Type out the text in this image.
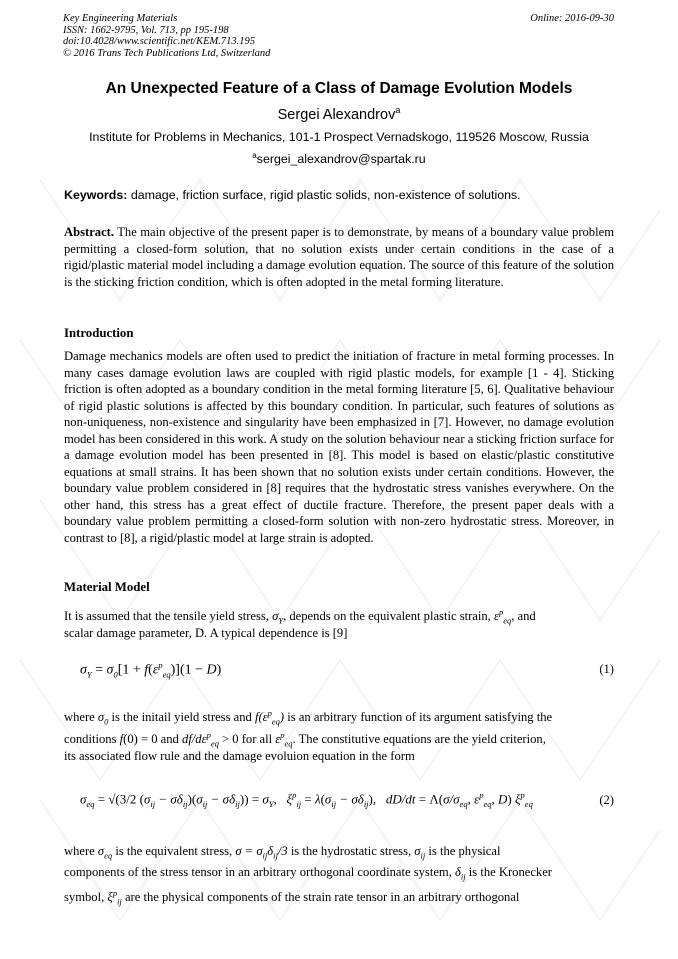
Key Engineering Materials
ISSN: 1662-9795, Vol. 713, pp 195-198
doi:10.4028/www.scientific.net/KEM.713.195
© 2016 Trans Tech Publications Ltd, Switzerland
Online: 2016-09-30
An Unexpected Feature of a Class of Damage Evolution Models
Sergei Alexandrov$^a$
Institute for Problems in Mechanics, 101-1 Prospect Vernadskogo, 119526 Moscow, Russia
$^a$sergei_alexandrov@spartak.ru
Keywords: damage, friction surface, rigid plastic solids, non-existence of solutions.
Abstract. The main objective of the present paper is to demonstrate, by means of a boundary value problem permitting a closed-form solution, that no solution exists under certain conditions in the case of a rigid/plastic material model including a damage evolution equation. The source of this feature of the solution is the sticking friction condition, which is often adopted in the metal forming literature.
Introduction
Damage mechanics models are often used to predict the initiation of fracture in metal forming processes. In many cases damage evolution laws are coupled with rigid plastic models, for example [1 - 4]. Sticking friction is often adopted as a boundary condition in the metal forming literature [5, 6]. Qualitative behaviour of rigid plastic solutions is affected by this boundary condition. In particular, such features of solutions as non-uniqueness, non-existence and singularity have been emphasized in [7]. However, no damage evolution model has been considered in this work. A study on the solution behaviour near a sticking friction surface for a damage evolution model has been presented in [8]. This model is based on elastic/plastic constitutive equations at small strains. It has been shown that no solution exists under certain conditions. However, the boundary value problem considered in [8] requires that the hydrostatic stress vanishes everywhere. On the other hand, this stress has a great effect of ductile fracture. Therefore, the present paper deals with a boundary value problem permitting a closed-form solution with non-zero hydrostatic stress. Moreover, in contrast to [8], a rigid/plastic model at large strain is adopted.
Material Model
It is assumed that the tensile yield stress, $\sigma_Y$, depends on the equivalent plastic strain, $\varepsilon^p_{eq}$, and
scalar damage parameter, D. A typical dependence is [9]
$\sigma_Y = \sigma_0[1 + f(\varepsilon^p_{eq})](1 - D)$	(1)
where $\sigma_0$ is the initail yield stress and $f(\varepsilon^p_{eq})$ is an arbitrary function of its argument satisfying the
conditions f(0) = 0 and $df/d\varepsilon^p_{eq} > 0$ for all $\varepsilon^p_{eq}$. The constitutive equations are the yield criterion,
its associated flow rule and the damage evoluion equation in the form
$\sigma_{eq} = √(3/2$ $(\sigma_{ij} - \sigma\delta_{ij})(\sigma_{ij} - \sigma\delta_{ij})) = \sigma_Y$,   $\xi^p_{ij} = \lambda(\sigma_{ij} - \sigma\delta_{ij})$,   $dD/dt = \Lambda(\sigma/\sigma_{eq}$, $\varepsilon^p_{eq}$, D) $\xi^p_{eq}$	(2)
where $\sigma_{eq}$ is the equivalent stress, $\sigma = \sigma_{ij}\delta_{ij}/3$ is the hydrostatic stress, $\sigma_{ij}$ is the physical
components of the stress tensor in an arbitrary orthogonal coordinate system, $\delta_{ij}$ is the Kronecker
symbol, $\xi^p_{ij}$ are the physical components of the strain rate tensor in an arbitrary orthogonal
